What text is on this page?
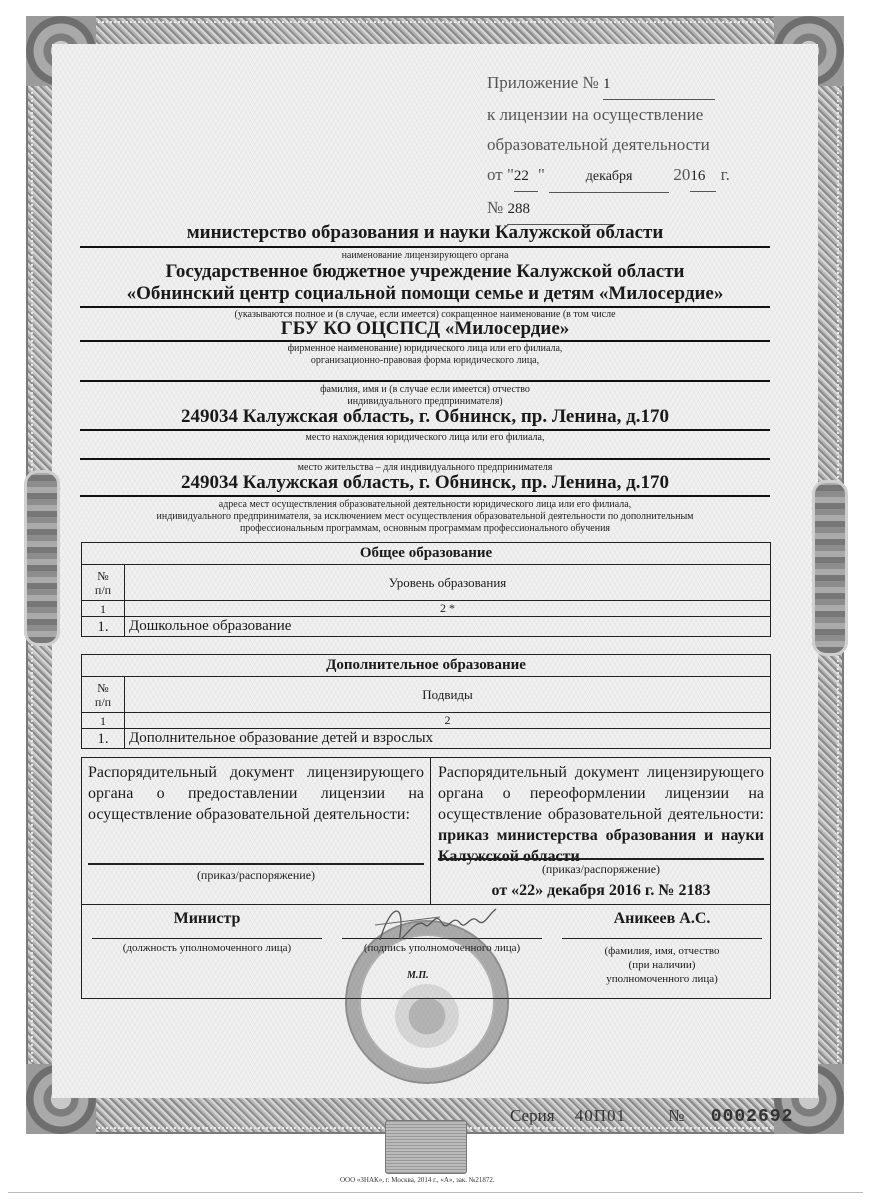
Приложение № 1
к лицензии на осуществление
образовательной деятельности
от "22 "	декабря 2016 г.
№ 288
министерство образования и науки Калужской области
наименование лицензирующего органа
Государственное бюджетное учреждение Калужской области
«Обнинский центр социальной помощи семье и детям «Милосердие»
(указываются полное и (в случае, если имеется) сокращенное наименование (в том числе
ГБУ КО ОЦСПСД «Милосердие»
фирменное наименование) юридического лица или его филиала,
организационно-правовая форма юридического лица,
фамилия, имя и (в случае если имеется) отчество
индивидуального предпринимателя)
249034 Калужская область, г. Обнинск, пр. Ленина, д.170
место нахождения юридического лица или его филиала,
место жительства – для индивидуального предпринимателя
249034 Калужская область, г. Обнинск, пр. Ленина, д.170
адреса мест осуществления образовательной деятельности юридического лица или его филиала,
индивидуального предпринимателя, за исключением мест осуществления образовательной деятельности по дополнительным
профессиональным программам, основным программам профессионального обучения
Общее образование	

№
п/п	Уровень образования
1	2 *
1.	Дошкольное образование
Дополнительное образование	

№
п/п	Подвиды
1	2
1.	Дополнительное образование детей и взрослых
Распорядительный документ лицензирующего органа о предоставлении лицензии на осуществление образовательной деятельности:
(приказ/распоряжение)
Распорядительный документ лицензирующего органа о переоформлении лицензии на осуществление образовательной деятельности: приказ министерства образования и науки Калужской области
(приказ/распоряжение)
от «22» декабря 2016 г. № 2183
Министр
(должность уполномоченного лица)	(подпись уполномоченного лица)
Аникеев А.С.
(фамилия, имя, отчество
(при наличии)
уполномоченного лица)
М.П.
Серия 40П01 № 0002692
ООО «ЗНАК», г. Москва, 2014 г., «А», зак. №21872.
